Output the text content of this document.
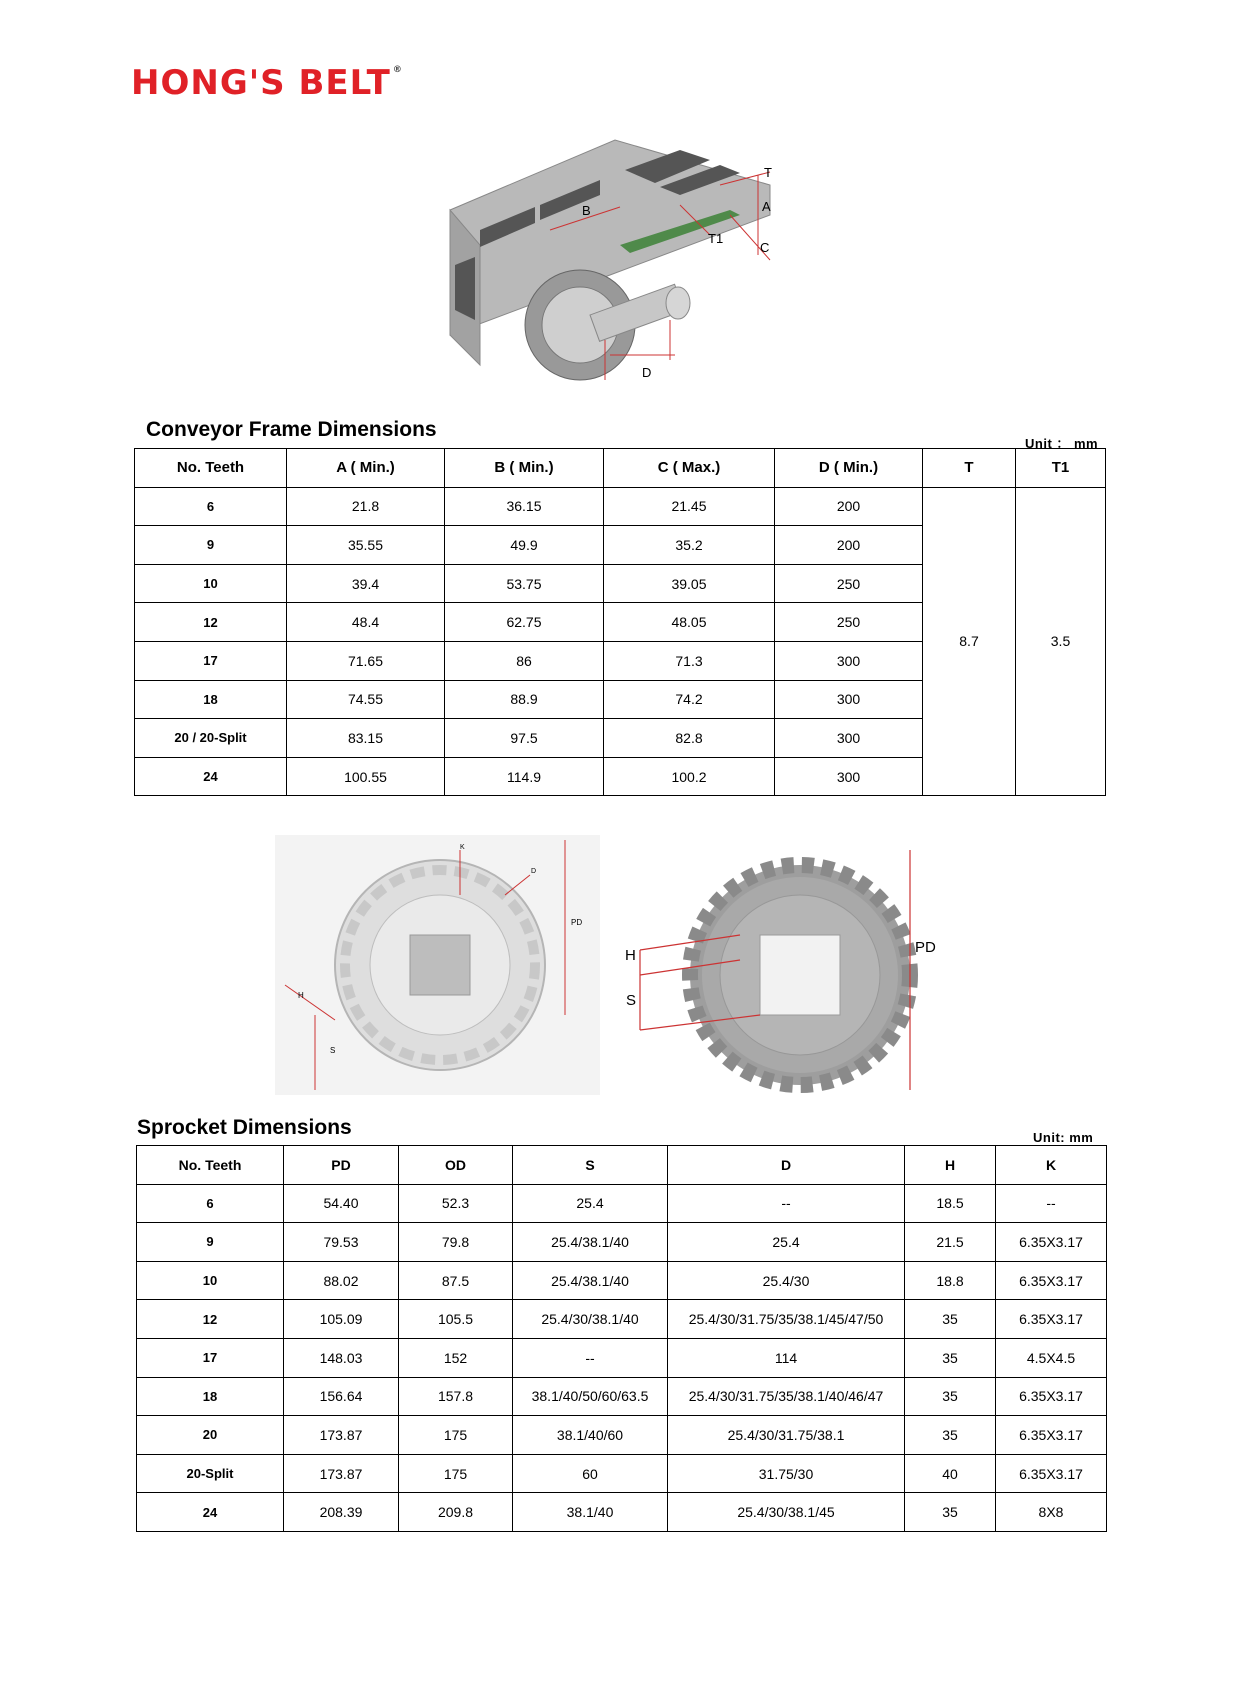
HONG'S BELT ®
T
A
C
B
T1
D
Conveyor Frame Dimensions
Unit ： mm
No. Teeth	A ( Min.)	B ( Min.)	C ( Max.)	D ( Min.)	T	T1
6	21.8	36.15	21.45	200	8.7	3.5
9	35.55	49.9	35.2	200		
10	39.4	53.75	39.05	250		
12	48.4	62.75	48.05	250		
17	71.65	86	71.3	300		
18	74.55	88.9	74.2	300		
20 / 20-Split	83.15	97.5	82.8	300		
24	100.55	114.9	100.2	300		
K
D
PD
H
S
PD
H
S
Sprocket Dimensions	Unit: mm
No. Teeth	PD	OD	S	D	H	K
6	54.40	52.3	25.4	--	18.5	--
9	79.53	79.8	25.4/38.1/40	25.4	21.5	6.35X3.17
10	88.02	87.5	25.4/38.1/40	25.4/30	18.8	6.35X3.17
12	105.09	105.5	25.4/30/38.1/40	25.4/30/31.75/35/38.1/45/47/50	35	6.35X3.17
17	148.03	152	--	114	35	4.5X4.5
18	156.64	157.8	38.1/40/50/60/63.5	25.4/30/31.75/35/38.1/40/46/47	35	6.35X3.17
20	173.87	175	38.1/40/60	25.4/30/31.75/38.1	35	6.35X3.17
20-Split	173.87	175	60	31.75/30	40	6.35X3.17
24	208.39	209.8	38.1/40	25.4/30/38.1/45	35	8X8
